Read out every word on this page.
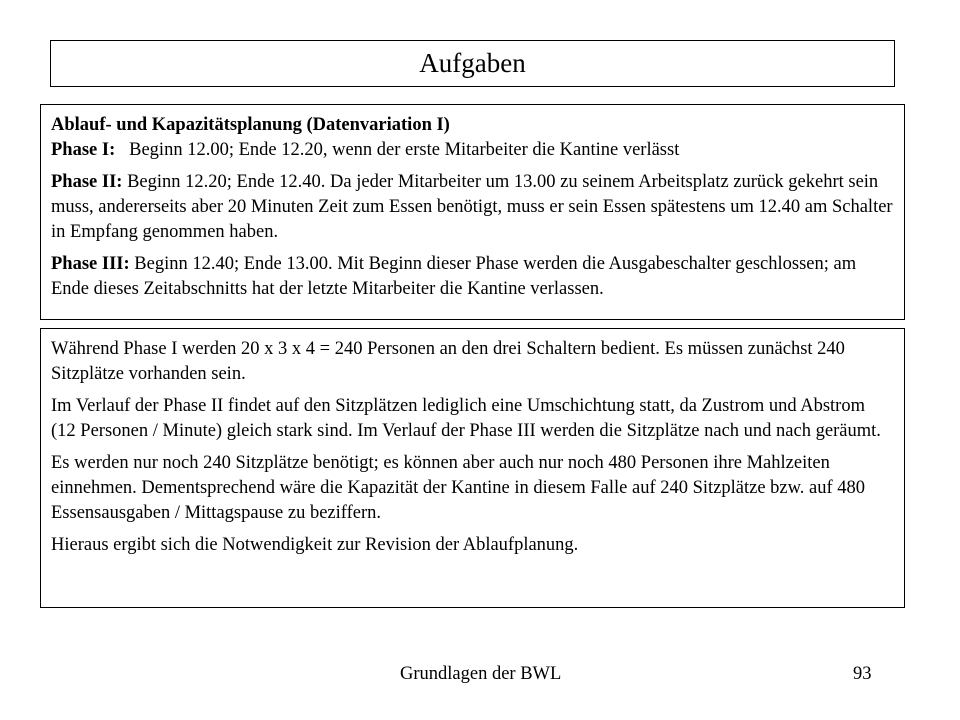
Aufgaben

Ablauf- und Kapazitätsplanung (Datenvariation I)

Phase I: Beginn 12.00; Ende 12.20, wenn der erste Mitarbeiter die Kantine verlässt

Phase II: Beginn 12.20; Ende 12.40. Da jeder Mitarbeiter um 13.00 zu seinem Arbeitsplatz zurück gekehrt sein muss, andererseits aber 20 Minuten Zeit zum Essen benötigt, muss er sein Essen spätestens um 12.40 am Schalter in Empfang genommen haben.

Phase III: Beginn 12.40; Ende 13.00. Mit Beginn dieser Phase werden die Ausgabeschalter geschlossen; am Ende dieses Zeitabschnitts hat der letzte Mitarbeiter die Kantine verlassen.

Während Phase I werden 20 x 3 x 4 = 240 Personen an den drei Schaltern bedient. Es müssen zunächst 240 Sitzplätze vorhanden sein.

Im Verlauf der Phase II findet auf den Sitzplätzen lediglich eine Umschichtung statt, da Zustrom und Abstrom (12 Personen / Minute) gleich stark sind. Im Verlauf der Phase III werden die Sitzplätze nach und nach geräumt.

Es werden nur noch 240 Sitzplätze benötigt; es können aber auch nur noch 480 Personen ihre Mahlzeiten einnehmen. Dementsprechend wäre die Kapazität der Kantine in diesem Falle auf 240 Sitzplätze bzw. auf 480 Essensausgaben / Mittagspause zu beziffern.

Hieraus ergibt sich die Notwendigkeit zur Revision der Ablaufplanung.

Grundlagen der BWL	93
